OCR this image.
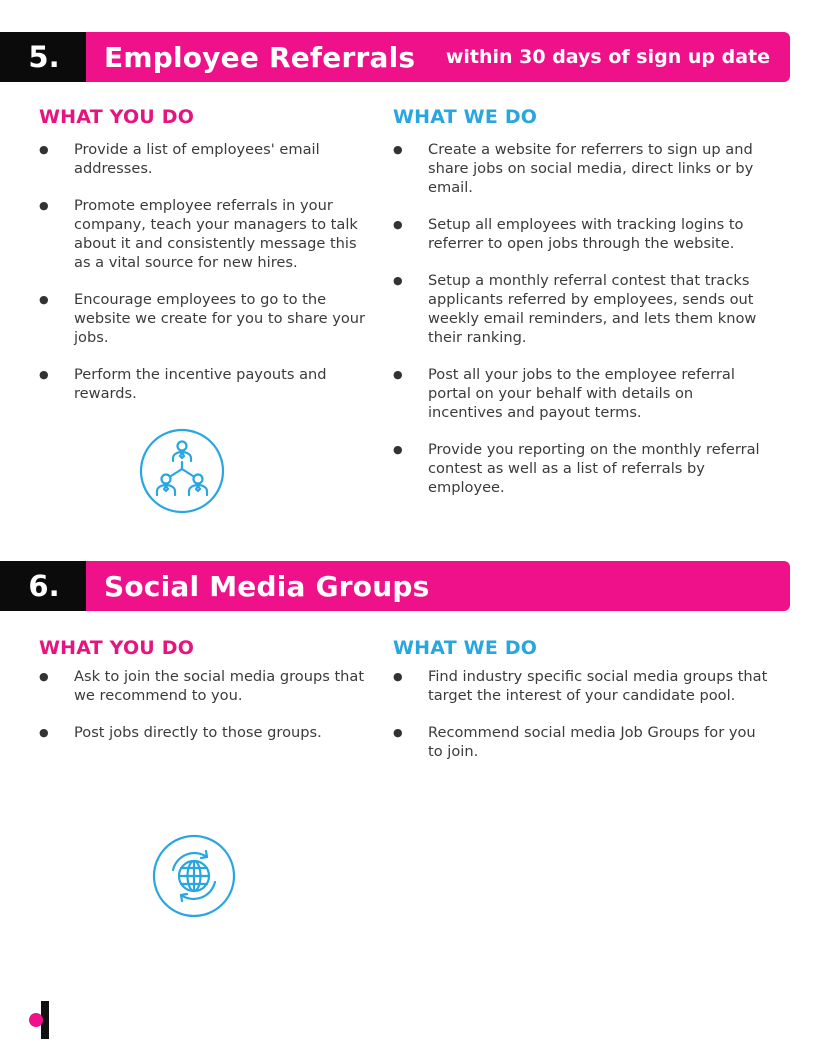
5.	Employee Referrals within 30 days of sign up date
WHAT YOU DO
● Provide a list of employees' email addresses.
● Promote employee referrals in your company, teach your managers to talk about it and consistently message this as a vital source for new hires.
● Encourage employees to go to the website we create for you to share your jobs.
● Perform the incentive payouts and rewards.
WHAT WE DO
● Create a website for referrers to sign up and share jobs on social media, direct links or by email.
● Setup all employees with tracking logins to referrer to open jobs through the website.
● Setup a monthly referral contest that tracks applicants referred by employees, sends out weekly email reminders, and lets them know their ranking.
● Post all your jobs to the employee referral portal on your behalf with details on incentives and payout terms.
● Provide you reporting on the monthly referral contest as well as a list of referrals by employee.
6.	Social Media Groups
WHAT YOU DO
● Ask to join the social media groups that we recommend to you.
● Post jobs directly to those groups.
WHAT WE DO
● Find industry specific social media groups that target the interest of your candidate pool.
● Recommend social media Job Groups for you to join.
